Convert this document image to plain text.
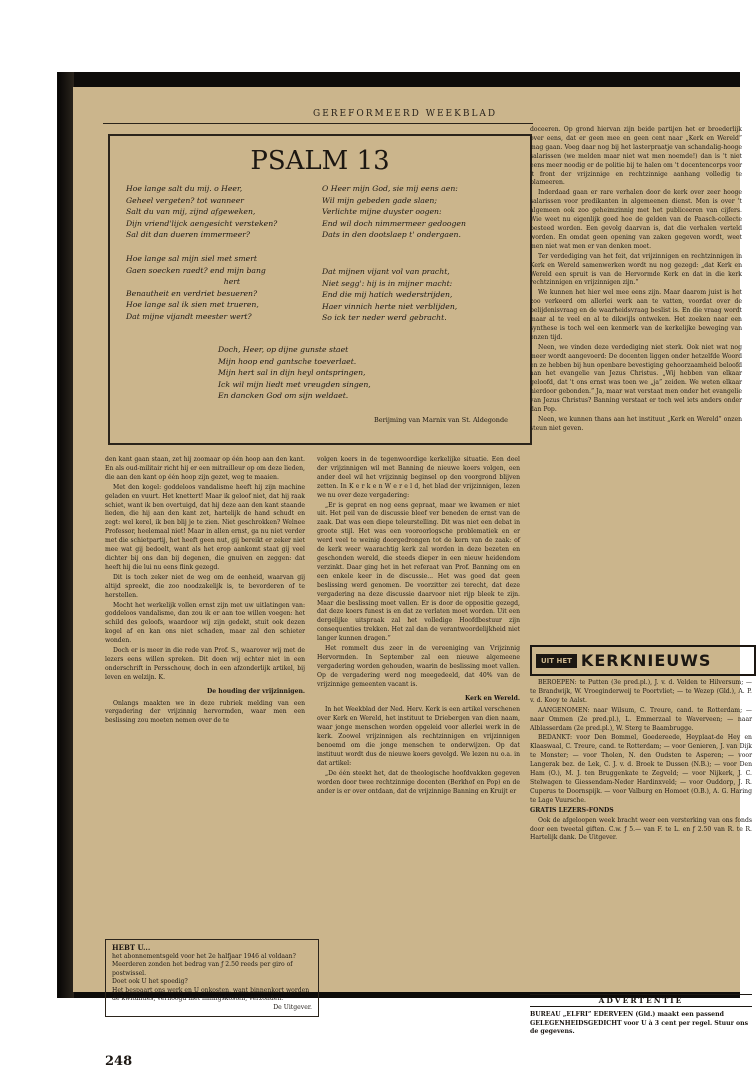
GEREFORMEERD WEEKBLAD
PSALM 13
Hoe lange salt du mij. o Heer,
Geheel vergeten? tot wanneer
Salt du van mij, zijnd afgeweken,
Dijn vriend'lijck aengesicht versteken?
Sal dit dan dueren immermeer?
Hoe lange sal mijn siel met smert
Gaen soecken raedt? end mijn bang
hert
Benautheit en verdriet besueren?
Hoe lange sal ik sien met trueren,
Dat mijne vijandt meester wert?
O Heer mijn God, sie mij eens aen:
Wil mijn gebeden gade slaen;
Verlichte mijne duyster oogen:
End wil doch nimmermeer gedoogen
Dats in den dootslaep t' ondergaen.
Dat mijnen vijant vol van pracht,
Niet segg': hij is in mijner macht:
End die mij hatich wederstrijden,
Haer vinnich herte niet verblijden,
So ick ter neder werd gebracht.
Doch, Heer, op dijne gunste staet
Mijn hoop end gantsche toeverlaet.
Mijn hert sal in dijn heyl ontspringen,
Ick wil mijn liedt met vreugden singen,
En dancken God om sijn weldaet.
Berijming van Marnix van St. Aldegonde

doceeren. Op grond hiervan zijn beide partijen het er broederlijk over eens, dat er geen mee en geen cent naar „Kerk en Wereld” mag gaan. Voeg daar nog bij het lasterpraatje van schandalig-hooge salarissen (we melden maar niet wat men noemde!) dan is 't niet eens meer noodig er de politie bij te halen om 't docentencorps voor 't front der vrijzinnige en rechtzinnige aanhang volledig te blameeren.

Inderdaad gaan er rare verhalen door de kerk over zeer hooge salarissen voor predikanten in algemeenen dienst. Men is over 't algemeen ook zoo geheimzinnig met het publiceeren van cijfers. Wie weet nu eigenlijk goed hoe de gelden van de Paasch-collecte besteed worden. Een gevolg daarvan is, dat die verhalen verteld worden. En omdat geen opening van zaken gegeven wordt, weet men niet wat men er van denken moet.

Ter verdediging van het feit, dat vrijzinnigen en rechtzinnigen in Kerk en Wereld samenwerken wordt nu nog gezegd: „dat Kerk en Wereld een spruit is van de Hervormde Kerk en dat in die kerk rechtzinnigen en vrijzinnigen zijn.”

We kunnen het hier wel mee eens zijn. Maar daarom juist is het zoo verkeerd om allerlei werk aan te vatten, voordat over de belijdenisvraag en de waarheidsvraag beslist is. En die vraag wordt maar al te veel en al te dikwijls ontweken. Het zoeken naar een synthese is toch wel een kenmerk van de kerkelijke beweging van onzen tijd.

Neen, we vinden deze verdediging niet sterk. Ook niet wat nog meer wordt aangevoerd: De docenten liggen onder hetzelfde Woord en ze hebben bij hun openbare bevestiging gehoorzaamheid beloofd aan het evangelie van Jezus Christus. „Wij hebben van elkaar geloofd, dat 't ons ernst was toen we „ja” zeiden. We weten elkaar hierdoor gebonden.” Ja, maar wat verstaat men onder het evangelie van Jezus Christus? Banning verstaat er toch wel iets anders onder dan Pop.

Neen, we kunnen thans aan het instituut „Kerk en Wereld” onzen steun niet geven.

den kant gaan staan, zet hij zoomaar op één hoop aan den kant. En als oud-militair richt hij er een mitrailleur op om deze lieden, die aan den kant op één hoop zijn gezet, weg te maaien.

Met den kogel: goddeloos vandalisme heeft hij zijn machine geladen en vuurt. Het knettert! Maar ik geloof niet, dat hij raak schiet, want ik ben overtuigd, dat hij deze aan den kant staande lieden, die hij aan den kant zet, hartelijk de hand schudt en zegt: wel kerel, ik ben blij je te zien. Niet geschrokken? Welnee Professor, heelemaal niet! Maar in allen ernst, ga nu niet verder met die schietpartij, het heeft geen nut, gij bereikt er zeker niet mee wat gij bedoelt, want als het erop aankomt staat gij veel dichter bij ons dan bij degenen, die gnuiven en zeggen: dat heeft hij die lui nu eens flink gezegd.

Dit is toch zeker niet de weg om de eenheid, waarvan gij altijd spreekt, die zoo noodzakelijk is, te bevorderen of te herstellen.

Mocht het werkelijk vollen ernst zijn met uw uitlatingen van: goddeloos vandalisme, dan zou ik er aan toe willen voegen: het schild des geloofs, waardoor wij zijn gedekt, stuit ook dezen kogel af en kan ons niet schaden, maar zal den schieter wonden.

Doch er is meer in die rede van Prof. S., waarover wij met de lezers eens willen spreken. Dit doen wij echter niet in een onderschrift in Persschouw, doch in een afzonderlijk artikel, bij leven en welzijn. K.

De houding der vrijzinnigen.

Onlangs maakten we in deze rubriek melding van een vergadering der vrijzinnig hervormden, waar men een beslissing zou moeten nemen over de te

HEBT U...
het abonnementsgeld voor het 2e halfjaar 1946 al voldaan? Meerderen zonden het bedrag van ƒ 2.50 reeds per giro of postwissel.
Doet ook U het spoedig?
Het bespaart ons werk en U onkosten, want binnenkort worden de kwitanties, verhoogd met inningskosten, verzonden.
De Uitgever.

volgen koers in de tegenwoordige kerkelijke situatie. Een deel der vrijzinnigen wil met Banning de nieuwe koers volgen, een ander deel wil het vrijzinnig beginsel op den voorgrond blijven zetten. In K e r k e n W e r e l d, het blad der vrijzinnigen, lezen we nu over deze vergadering:

„Er is geprat en nog eens gepraat, maar we kwamen er niet uit. Het peil van de discussie bleef ver beneden de ernst van de zaak. Dat was een diepe teleurstelling. Dit was niet een debat in groote stijl. Het was een vooroorlogsche problematiek en er werd veel te weinig doorgedrongen tot de kern van de zaak: of de kerk weer waarachtig kerk zal worden in deze bezeten en geschonden wereld, die steeds dieper in een nieuw heidendom verzinkt. Daar ging het in het referaat van Prof. Banning om en een enkele keer in de discussie... Het was goed dat geen beslissing werd genomen. De voorzitter zei terecht, dat deze vergadering na deze discussie daarvoor niet rijp bleek te zijn. Maar die beslissing moet vallen. Er is door de oppositie gezegd, dat deze koers funest is en dat ze verlaten moet worden. Uit een dergelijke uitspraak zal het volledige Hoofdbestuur zijn consequenties trekken. Het zal dan de verantwoordelijkheid niet langer kunnen dragen.”

Het rommelt dus zeer in de vereeniging van Vrijzinnig Hervormden. In September zal een nieuwe algemeene vergadering worden gehouden, waarin de beslissing moet vallen. Op de vergadering werd nog meegedeeld, dat 40% van de vrijzinnige gemeenten vacant is.

Kerk en Wereld.

In het Weekblad der Ned. Herv. Kerk is een artikel verschenen over Kerk en Wereld, het instituut te Driebergen van dien naam, waar jonge menschen worden opgeleid voor allerlei werk in de kerk. Zoowel vrijzinnigen als rechtzinnigen en vrijzinnigen benoemd om die jonge menschen te onderwijzen. Op dat instituut wordt dus de nieuwe koers gevolgd. We lezen nu o.a. in dat artikel:

„De één steekt het, dat de theologische hoofdvakken gegeven worden door twee rechtzinnige docenten (Berkhof en Pop) en de ander is er over ontdaan, dat de vrijzinnige Banning en Kruijt er

UIT HET KERKNIEUWS

BEROEPEN: te Putten (3e pred.pl.), J. v. d. Velden te Hilversum; — te Brandwijk, W. Vroeginderweij te Poortvliet; — te Wezep (Gld.), A. P. v. d. Kooy te Aalst.

AANGENOMEN: naar Wilsum, C. Treure, cand. te Rotterdam; — naar Ommen (2e pred.pl.), L. Emmerzaal te Waverveen; — naar Alblasserdam (2e pred.pl.), W. Sterg te Baambrugge.

BEDANKT: voor Den Bommel, Goedereede, Heyplaat-de Hey en Klaaswaal, C. Treure, cand. te Rotterdam; — voor Genieren, J. van Dijk te Monster; — voor Tholen, N. den Oudsten te Asperen; — voor Langerak bez. de Lek, C. J. v. d. Broek te Dussen (N.B.); — voor Den Ham (O.), M. J. ten Bruggenkate te Zegveld; — voor Nijkerk, J. C. Stelwagen te Giessendam-Neder Hardinxveld; — voor Ouddorp, J. R. Cuperus te Doornspijk. — voor Valburg en Homoet (O.B.), A. G. Haring te Lage Vuursche.

GRATIS LEZERS-FONDS

Ook de afgeloopen week bracht weer een versterking van ons fonds door een tweetal giften. C.w. ƒ 5.— van F. te L. en ƒ 2.50 van R. te R. Hartelijk dank. De Uitgever.

ADVERTENTIE
BUREAU „ELFRI” EDERVEEN (Gld.) maakt een passend GELEGENHEIDSGEDICHT voor U à 3 cent per regel. Stuur ons de gegevens.
248
